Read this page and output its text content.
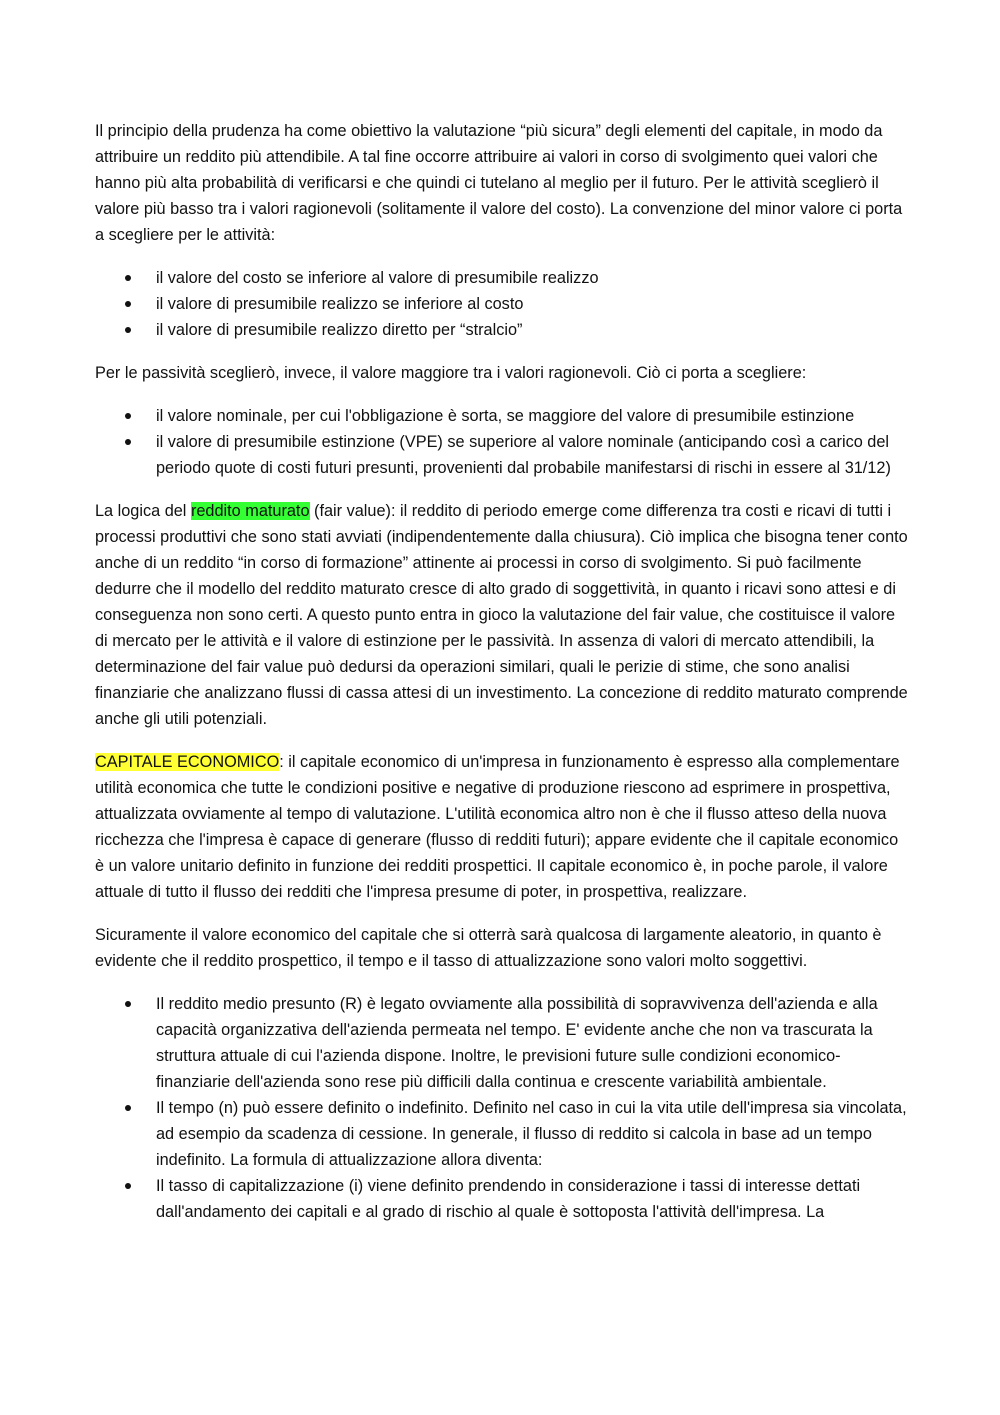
Il principio della prudenza ha come obiettivo la valutazione “più sicura” degli elementi del capitale, in modo da attribuire un reddito più attendibile. A tal fine occorre attribuire ai valori in corso di svolgimento quei valori che hanno più alta probabilità di verificarsi e che quindi ci tutelano al meglio per il futuro. Per le attività sceglierò il valore più basso tra i valori ragionevoli (solitamente il valore del costo). La convenzione del minor valore ci porta a scegliere per le attività:

il valore del costo se inferiore al valore di presumibile realizzo
il valore di presumibile realizzo se inferiore al costo
il valore di presumibile realizzo diretto per “stralcio”

Per le passività sceglierò, invece, il valore maggiore tra i valori ragionevoli. Ciò ci porta a scegliere:

il valore nominale, per cui l'obbligazione è sorta, se maggiore del valore di presumibile estinzione
il valore di presumibile estinzione (VPE) se superiore al valore nominale (anticipando così a carico del periodo quote di costi futuri presunti, provenienti dal probabile manifestarsi di rischi in essere al 31/12)

La logica del reddito maturato (fair value): il reddito di periodo emerge come differenza tra costi e ricavi di tutti i processi produttivi che sono stati avviati (indipendentemente dalla chiusura). Ciò implica che bisogna tener conto anche di un reddito “in corso di formazione” attinente ai processi in corso di svolgimento. Si può facilmente dedurre che il modello del reddito maturato cresce di alto grado di soggettività, in quanto i ricavi sono attesi e di conseguenza non sono certi. A questo punto entra in gioco la valutazione del fair value, che costituisce il valore di mercato per le attività e il valore di estinzione per le passività. In assenza di valori di mercato attendibili, la determinazione del fair value può dedursi da operazioni similari, quali le perizie di stime, che sono analisi finanziarie che analizzano flussi di cassa attesi di un investimento. La concezione di reddito maturato comprende anche gli utili potenziali.

CAPITALE ECONOMICO: il capitale economico di un'impresa in funzionamento è espresso alla complementare utilità economica che tutte le condizioni positive e negative di produzione riescono ad esprimere in prospettiva, attualizzata ovviamente al tempo di valutazione. L'utilità economica altro non è che il flusso atteso della nuova ricchezza che l'impresa è capace di generare (flusso di redditi futuri); appare evidente che il capitale economico è un valore unitario definito in funzione dei redditi prospettici. Il capitale economico è, in poche parole, il valore attuale di tutto il flusso dei redditi che l'impresa presume di poter, in prospettiva, realizzare.

Sicuramente il valore economico del capitale che si otterrà sarà qualcosa di largamente aleatorio, in quanto è evidente che il reddito prospettico, il tempo e il tasso di attualizzazione sono valori molto soggettivi.

Il reddito medio presunto (R) è legato ovviamente alla possibilità di sopravvivenza dell'azienda e alla capacità organizzativa dell'azienda permeata nel tempo. E' evidente anche che non va trascurata la struttura attuale di cui l'azienda dispone. Inoltre, le previsioni future sulle condizioni economico-finanziarie dell'azienda sono rese più difficili dalla continua e crescente variabilità ambientale.
Il tempo (n) può essere definito o indefinito. Definito nel caso in cui la vita utile dell'impresa sia vincolata, ad esempio da scadenza di cessione. In generale, il flusso di reddito si calcola in base ad un tempo indefinito. La formula di attualizzazione allora diventa:
Il tasso di capitalizzazione (i) viene definito prendendo in considerazione i tassi di interesse dettati dall'andamento dei capitali e al grado di rischio al quale è sottoposta l'attività dell'impresa. La
